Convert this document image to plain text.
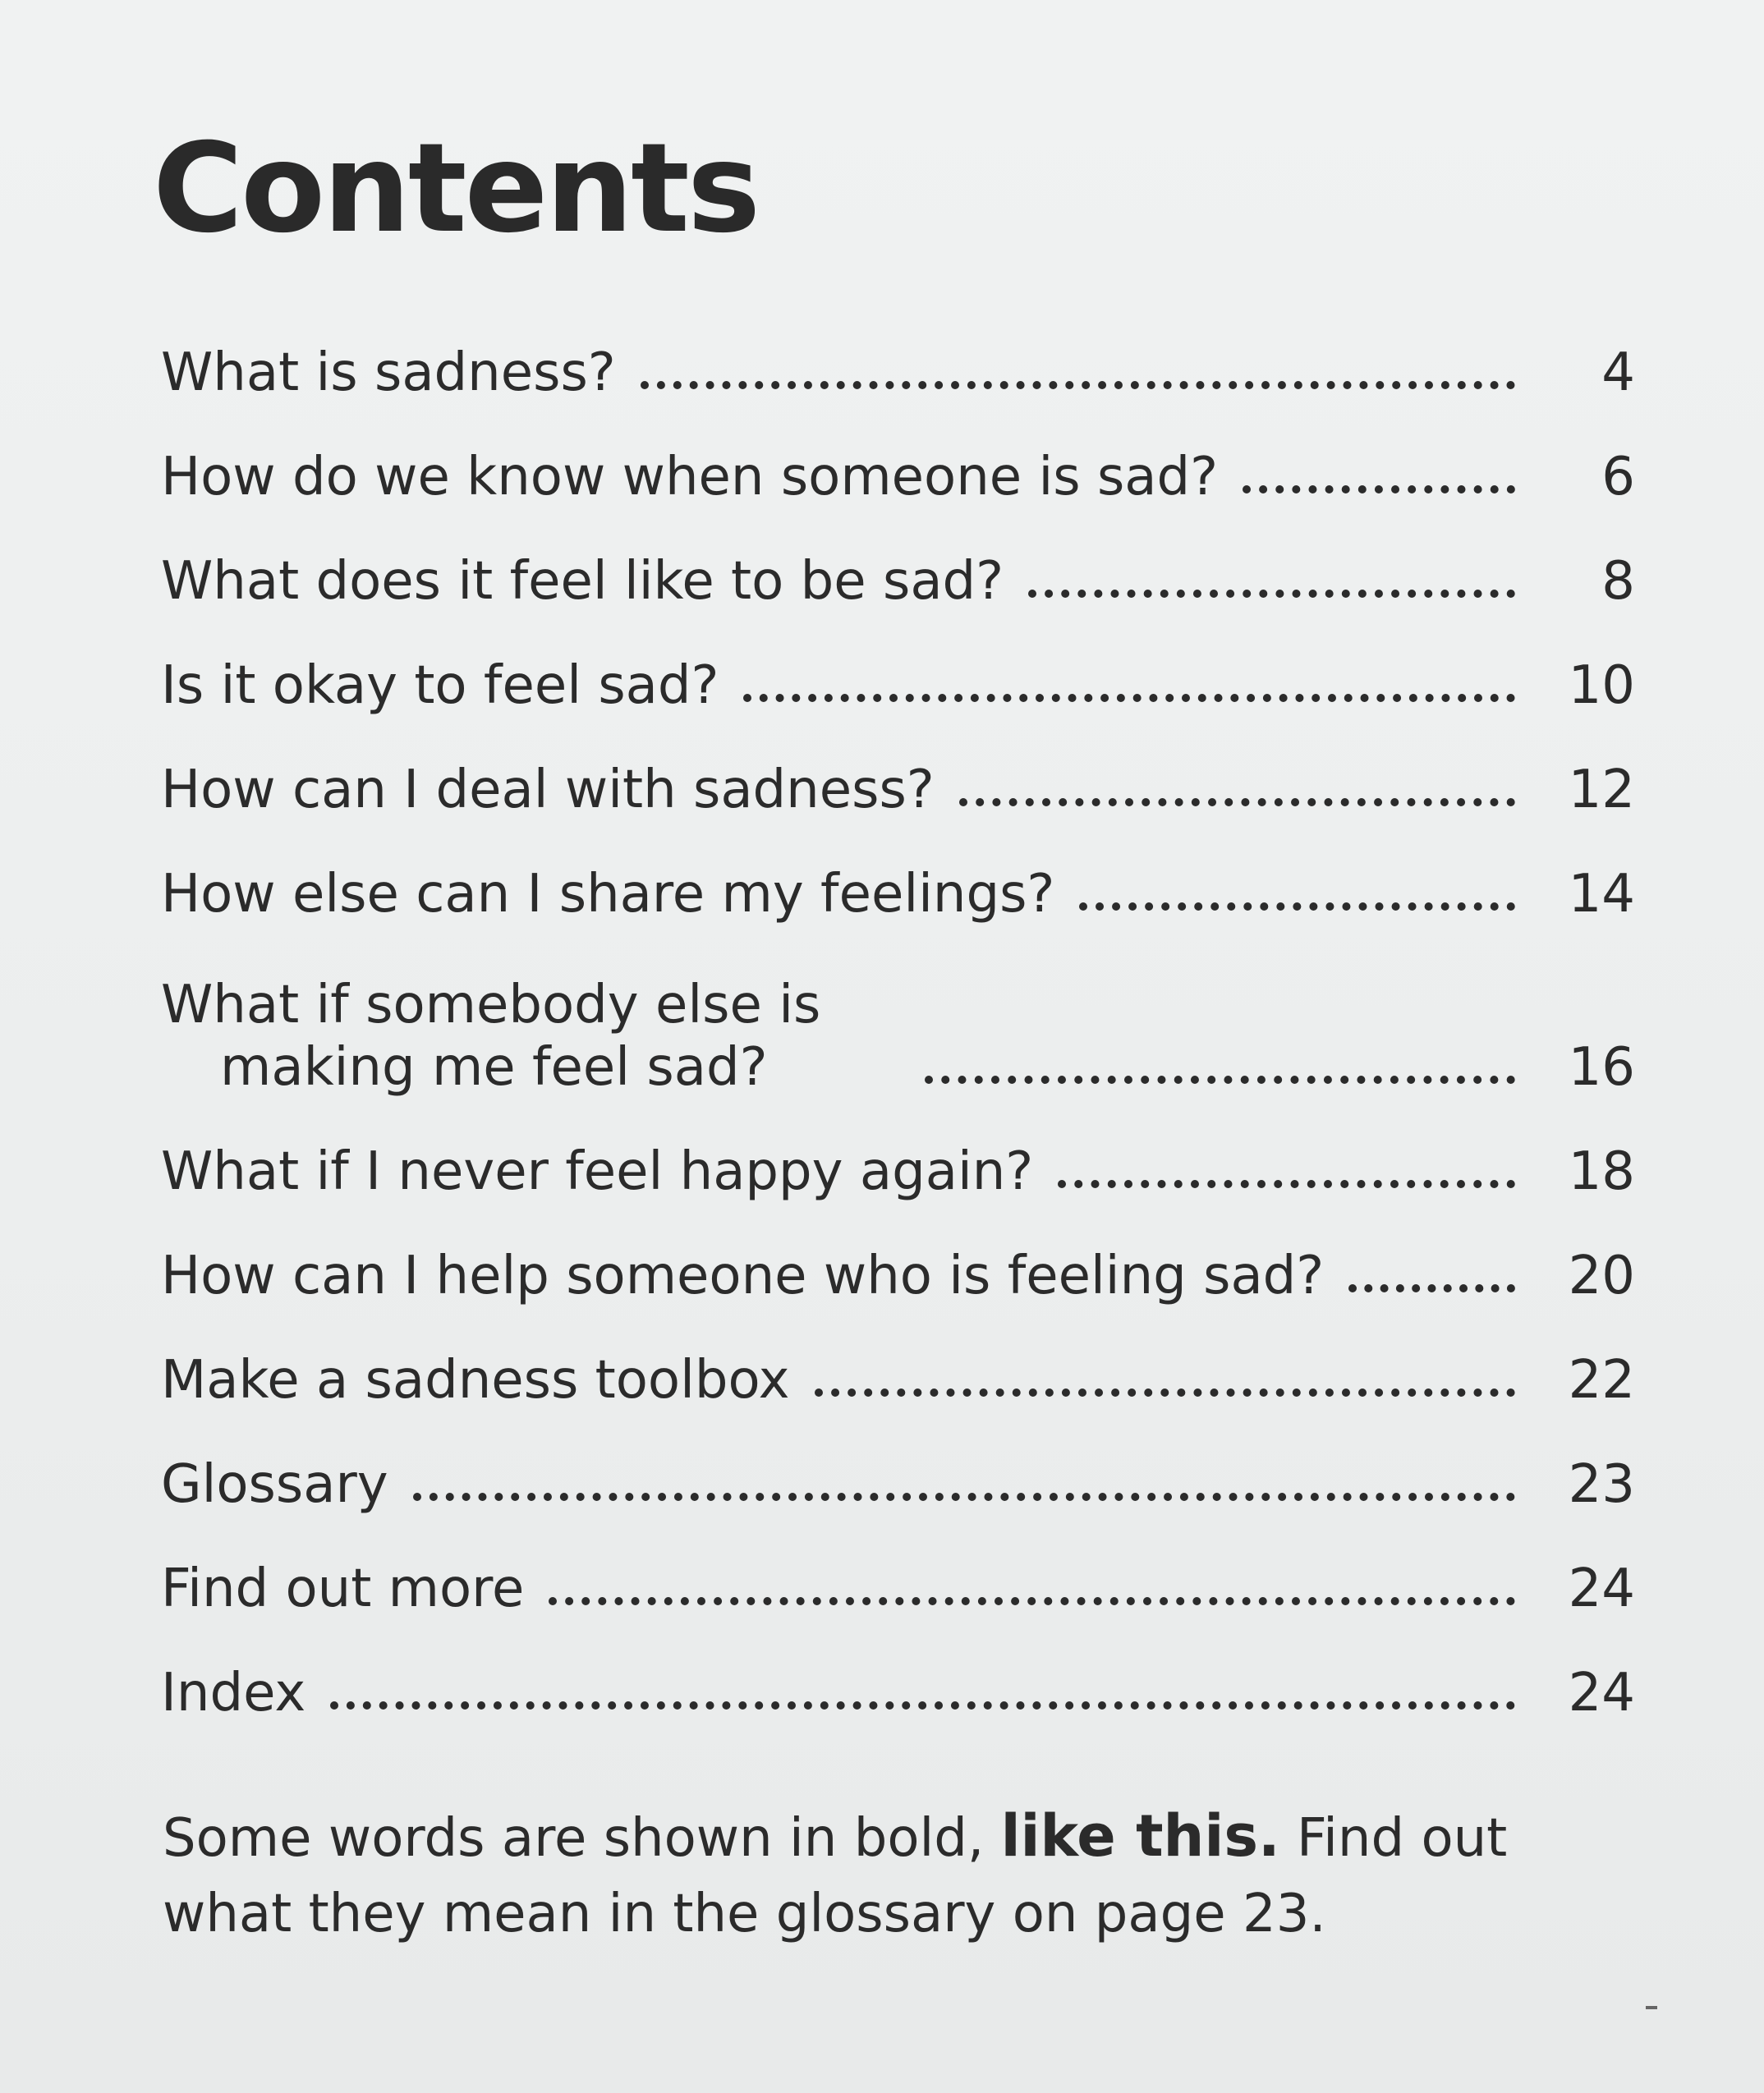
Contents
What is sadness?	4
How do we know when someone is sad?	6
What does it feel like to be sad?	8
Is it okay to feel sad?	10
How can I deal with sadness?	12
How else can I share my feelings?	14
What if somebody else is
making me feel sad?	16
What if I never feel happy again?	18
How can I help someone who is feeling sad?	20
Make a sadness toolbox	22
Glossary	23
Find out more	24
Index	24

Some words are shown in bold, like this. Find out what they mean in the glossary on page 23.
